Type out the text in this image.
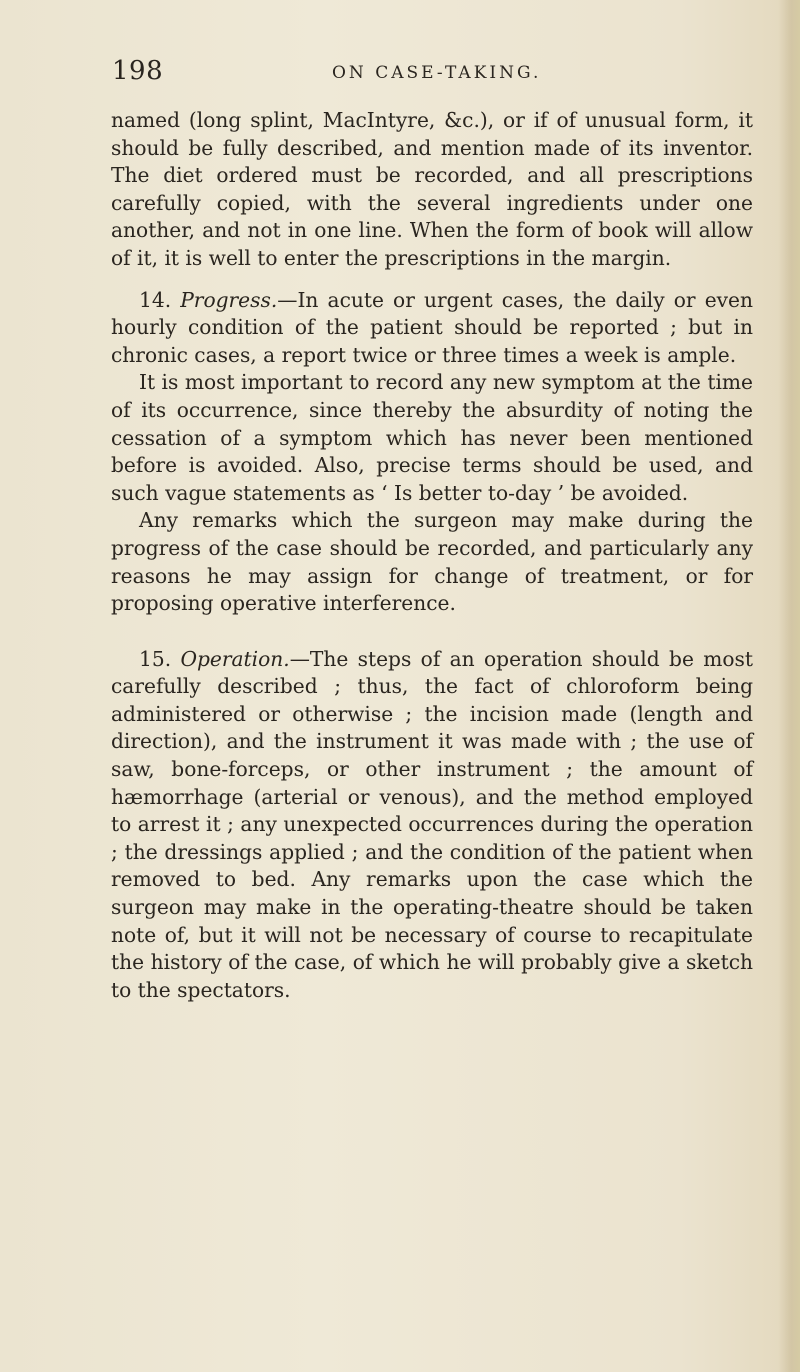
198	ON CASE-TAKING.

named (long splint, MacIntyre, &c.), or if of unusual form, it should be fully described, and mention made of its inventor. The diet ordered must be recorded, and all prescriptions carefully copied, with the several ingredients under one another, and not in one line. When the form of book will allow of it, it is well to enter the prescriptions in the margin.

14. Progress.—In acute or urgent cases, the daily or even hourly condition of the patient should be reported ; but in chronic cases, a report twice or three times a week is ample.

It is most important to record any new symptom at the time of its occurrence, since thereby the absurdity of noting the cessation of a symptom which has never been mentioned before is avoided. Also, precise terms should be used, and such vague statements as ‘ Is better to-day ’ be avoided.

Any remarks which the surgeon may make during the progress of the case should be recorded, and particularly any reasons he may assign for change of treatment, or for proposing operative interference.

15. Operation.—The steps of an operation should be most carefully described ; thus, the fact of chloroform being administered or otherwise ; the incision made (length and direction), and the instrument it was made with ; the use of saw, bone-forceps, or other instrument ; the amount of hæmorrhage (arterial or venous), and the method employed to arrest it ; any unexpected occurrences during the operation ; the dressings applied ; and the condition of the patient when removed to bed. Any remarks upon the case which the surgeon may make in the operating-theatre should be taken note of, but it will not be necessary of course to recapitulate the history of the case, of which he will probably give a sketch to the spectators.
